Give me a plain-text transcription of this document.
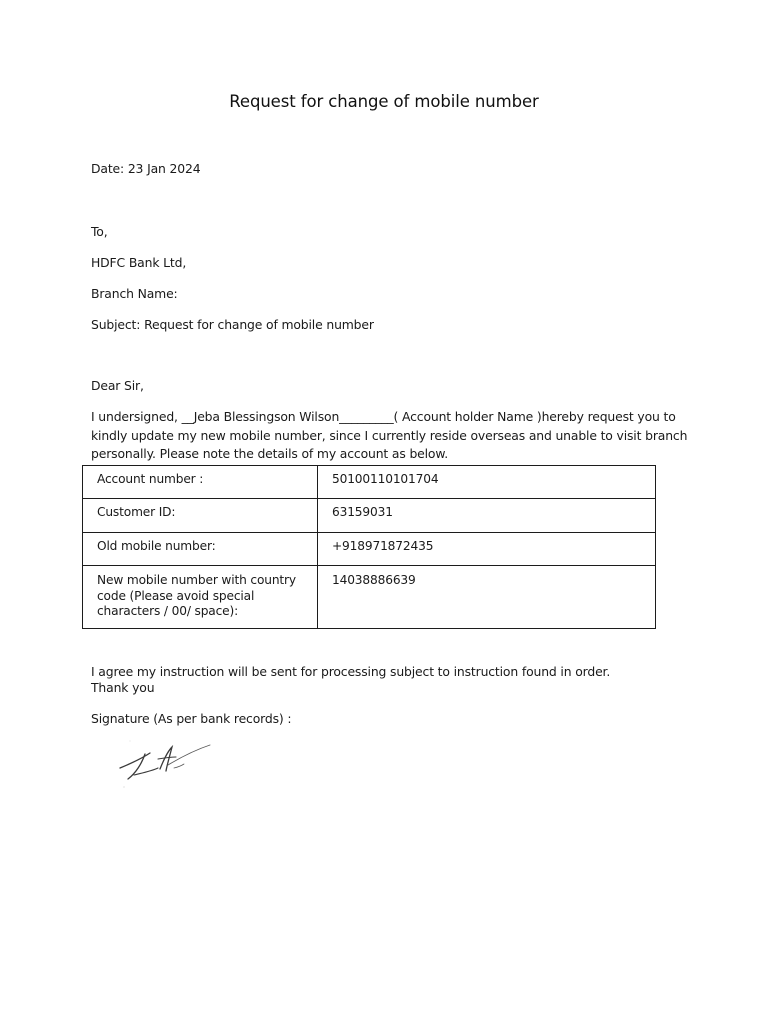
Request for change of mobile number
Date: 23 Jan 2024
To,
HDFC Bank Ltd,
Branch Name:
Subject: Request for change of mobile number
Dear Sir,
I undersigned, __Jeba Blessingson Wilson_________( Account holder Name )hereby request you to
kindly update my new mobile number, since I currently reside overseas and unable to visit branch
personally. Please note the details of my account as below.
Account number :	50100110101704
Customer ID:	63159031
Old mobile number:	+918971872435
New mobile number with country code (Please avoid special characters / 00/ space):	14038886639
I agree my instruction will be sent for processing subject to instruction found in order.
Thank you
Signature (As per bank records) :
